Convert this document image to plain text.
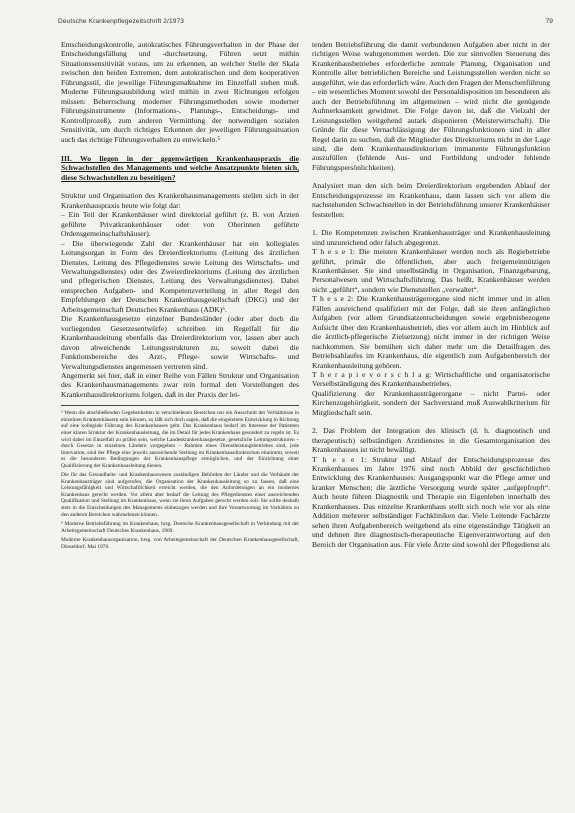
Deutsche Krankenpflegezeitschrift 2/1973	79

Entscheidungskontrolle, autokratisches Führungsverhalten in der Phase der Entscheidungsfällung und -durchsetzung. Führen setzt mithin Situationssensitivität voraus, um zu erkennen, an welcher Stelle der Skala zwischen den beiden Extremen, dem autokratischen und dem kooperativen Führungsstil, die jeweilige Führungsmaßnahme im Einzelfall stehen muß. Moderne Führungsausbildung wird mithin in zwei Richtungen erfolgen müssen: Beherrschung moderner Führungsmethoden sowie moderner Führungsinstrumente (Informations-, Planungs-, Entscheidungs- und Kontrollprozeß), zum anderen Vermittlung der notwendigen sozialen Sensitivität, um durch richtiges Erkennen der jeweiligen Führungssituation auch das richtige Führungsverhalten zu entwickeln.⁵

III. Wo liegen in der gegenwärtigen Krankenhauspraxis die Schwachstellen des Managements und welche Ansatzpunkte bieten sich, diese Schwachstellen zu beseitigen?

Struktur und Organisation des Krankenhausmanagements stellen sich in der Krankenhauspraxis heute wie folgt dar:

– Ein Teil der Krankenhäuser wird direktorial geführt (z. B. von Ärzten geführte Privatkrankenhäuser oder von Oberinnen geführte Ordensgemeinschaftshäuser).

– Die überwiegende Zahl der Krankenhäuser hat ein kollegiales Leitungsorgan in Form des Dreierdirektoriums (Leitung des ärztlichen Dienstes, Leitung des Pflegedienstes sowie Leitung des Wirtschafts- und Verwaltungsdienstes) oder des Zweierdirektoriums (Leitung des ärztlichen und pflegerischen Dienstes, Leitung des Verwaltungsdienstes). Dabei entsprechen Aufgaben- und Kompetenzverteilung in aller Regel den Empfehlungen der Deutschen Krankenhausgesellschaft (DKG) und der Arbeitsgemeinschaft Deutsches Krankenhaus (ADK)⁶.

Die Krankenhausgesetze einzelner Bundesländer (oder aber doch die vorliegenden Gesetzesentwürfe) schreiben im Regelfall für die Krankenhausleitung ebenfalls das Dreierdirektorium vor, lassen aber auch davon abweichende Leitungsstrukturen zu, soweit dabei die Funktionsbereiche des Arzt-, Pflege- sowie Wirtschafts- und Verwaltungsdienstes angemessen vertreten sind.

Angemerkt sei hier, daß in einer Reihe von Fällen Struktur und Organisation des Krankenhausmanagements zwar rein formal den Vorstellungen des Krankenhausdirektoriums folgen, daß in der Praxis der lei-

⁵ Wenn die abschließenden Gegebenheiten in verschiedenen Bereichen nur ein Ausschnitt der Verhältnisse in einzelnen Krankenhäusern sein können, so läßt sich doch sagen, daß die eingeleitete Entwicklung in Richtung auf eine kollegiale Führung des Krankenhauses geht. Das Krankenhaus bedarf im Interesse der Patienten einer klaren Struktur der Krankenhausleitung, die im Detail für jedes Krankenhaus gesondert zu regeln ist. Es wird dabei im Einzelfall zu prüfen sein, welche Landeskrankenhausgesetze, gesetzliche Leitungsstrukturen – durch Gesetze in einzelnen Ländern vorgegeben – Rahmen eines Dienstleistungsbetriebes sind, jede Innovation, sind der Pflege eine jeweils ausreichende Stellung im Krankenhausdirektorium einnimmt, soweit es die besonderen Bedingungen der Krankenhauspflege ermöglichen, und der Einrichtung einer Qualifizierung der Krankenhausleitung dienen.

Die für das Gesundheits- und Krankenhauswesen zuständigen Behörden der Länder und die Verbände der Krankenhausträger sind aufgerufen, die Organisation der Krankenhausleitung so zu fassen, daß eine Leistungsfähigkeit und Wirtschaftlichkeit erreicht werden, die den Anforderungen an ein modernes Krankenhaus gerecht werden. Vor allem aber bedarf die Leitung des Pflegedienstes einer ausreichenden Qualifikation und Stellung im Krankenhaus, wenn sie ihren Aufgaben gerecht werden soll. Sie sollte deshalb stets in die Entscheidungen des Managements einbezogen werden und ihre Verantwortung im Verhältnis zu den anderen Bereichen wahrnehmen können.

⁶ Moderne Betriebsführung im Krankenhaus, hrsg. Deutsche Krankenhausgesellschaft in Verbindung mit der Arbeitsgemeinschaft Deutsches Krankenhaus, 1969.

Moderne Krankenhausorganisation, hrsg. von Arbeitsgemeinschaft der Deutschen Krankenhausgesellschaft, Düsseldorf, Mai 1970.

tenden Betriebsführung die damit verbundenen Aufgaben aber nicht in der richtigen Weise wahrgenommen werden. Die zur sinnvollen Steuerung des Krankenhausbetriebes erforderliche zentrale Planung, Organisation und Kontrolle aller betrieblichen Bereiche und Leistungsstellen werden nicht so ausgeführt, wie das erforderlich wäre. Auch den Fragen der Menschenführung – ein wesentliches Moment sowohl der Personaldisposition im besonderen als auch der Betriebsführung im allgemeinen – wird nicht die genügende Aufmerksamkeit gewidmet. Die Folge davon ist, daß die Vielzahl der Leistungsstellen weitgehend autark disponieren (Meisterwirtschaft). Die Gründe für diese Vernachlässigung der Führungsfunktionen sind in aller Regel darin zu suchen, daß die Mitglieder des Direktoriums nicht in der Lage sind, die dem Krankenhausdirektorium immanente Führungsfunktion auszufüllen (fehlende Aus- und Fortbildung und/oder fehlende Führungspersönlichkeiten).

Analysiert man den sich beim Dreierdirektorium ergebenden Ablauf der Entscheidungsprozesse im Krankenhaus, dann lassen sich vor allem die nachstehenden Schwachstellen in der Betriebsführung unserer Krankenhäuser feststellen:

1. Die Kompetenzen zwischen Krankenhausträger und Krankenhausleitung sind unzureichend oder falsch abgegrenzt.

T h e s e 1: Die meisten Krankenhäuser werden noch als Regiebetriebe geführt, primär die öffentlichen, aber auch freigemeinnützigen Krankenhäuser. Sie sind unselbständig in Organisation, Finanzgebarung, Personalwesen und Wirtschaftsführung. Das heißt, Krankenhäuser werden nicht „geführt“, sondern wie Dienststellen „verwaltet“.

T h e s e 2: Die Krankenhausträgerorgane sind nicht immer und in allen Fällen ausreichend qualifiziert mit der Folge, daß sie ihren anfänglichen Aufgaben (vor allem Grundsatzentscheidungen sowie ergebnisbezogene Aufsicht über den Krankenhausbetrieb, dies vor allem auch im Hinblick auf die ärztlich-pflegerische Zielsetzung) nicht immer in der richtigen Weise nachkommen. Sie bemühen sich daher mehr um die Detailfragen des Betriebsablaufes im Krankenhaus, die eigentlich zum Aufgabenbereich der Krankenhausleitung gehören.

T h e r a p i e v o r s c h l a g: Wirtschaftliche und organisatorische Verselbständigung des Krankenhausbetriebes.

Qualifizierung der Krankenhausträgerorgane – nicht Partei- oder Kirchenzugehörigkeit, sondern der Sachverstand muß Auswahlkriterium für Mitgliedschaft sein.

2. Das Problem der Integration des klinisch (d. h. diagnostisch und therapeutisch) selbständigen Arztdienstes in die Gesamtorganisation des Krankenhauses ist nicht bewältigt.

T h e s e 1: Struktur und Ablauf der Entscheidungsprozesse des Krankenhauses im Jahre 1976 sind noch Abbild der geschichtlichen Entwicklung des Krankenhauses: Ausgangspunkt war die Pflege armer und kranker Menschen; die ärztliche Versorgung wurde später „aufgepfropft“. Auch heute führen Diagnostik und Therapie ein Eigenleben innerhalb des Krankenhauses. Das einzelne Krankenhaus stellt sich noch wie vor als eine Addition mehrerer selbständiger Fachkliniken dar. Viele Leitende Fachärzte sehen ihren Aufgabenbereich weitgehend als eine eigenständige Tätigkeit an und dehnen ihre diagnostisch-therapeutische Eigenverantwortung auf den Bereich der Organisation aus. Für viele Ärzte sind sowohl der Pflegedienst als
